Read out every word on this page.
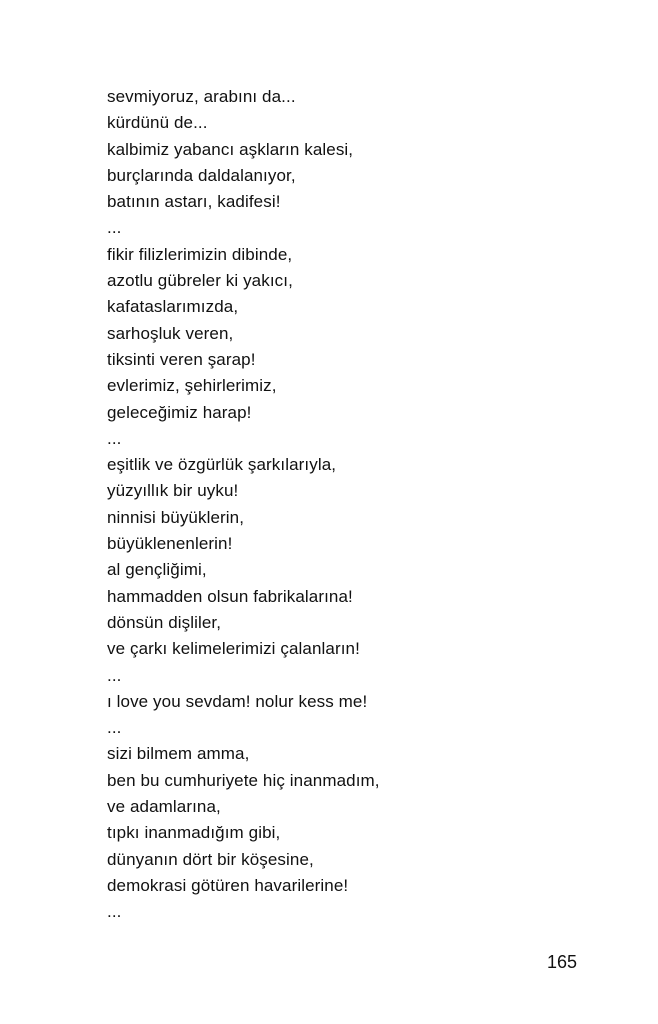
sevmiyoruz, arabını da...
kürdünü de...
kalbimiz yabancı aşkların kalesi,
burçlarında daldalanıyor,
batının astarı, kadifesi!
...
fikir filizlerimizin dibinde,
azotlu gübreler ki yakıcı,
kafataslarımızda,
sarhoşluk veren,
tiksinti veren şarap!
evlerimiz, şehirlerimiz,
geleceğimiz harap!
...
eşitlik ve özgürlük şarkılarıyla,
yüzyıllık bir uyku!
ninnisi büyüklerin,
büyüklenenlerin!
al gençliğimi,
hammadden olsun fabrikalarına!
dönsün dişliler,
ve çarkı kelimelerimizi çalanların!
...
ı love you sevdam! nolur kess me!
...
sizi bilmem amma,
ben bu cumhuriyete hiç inanmadım,
ve adamlarına,
tıpkı inanmadığım gibi,
dünyanın dört bir köşesine,
demokrasi götüren havarilerine!
...
165
